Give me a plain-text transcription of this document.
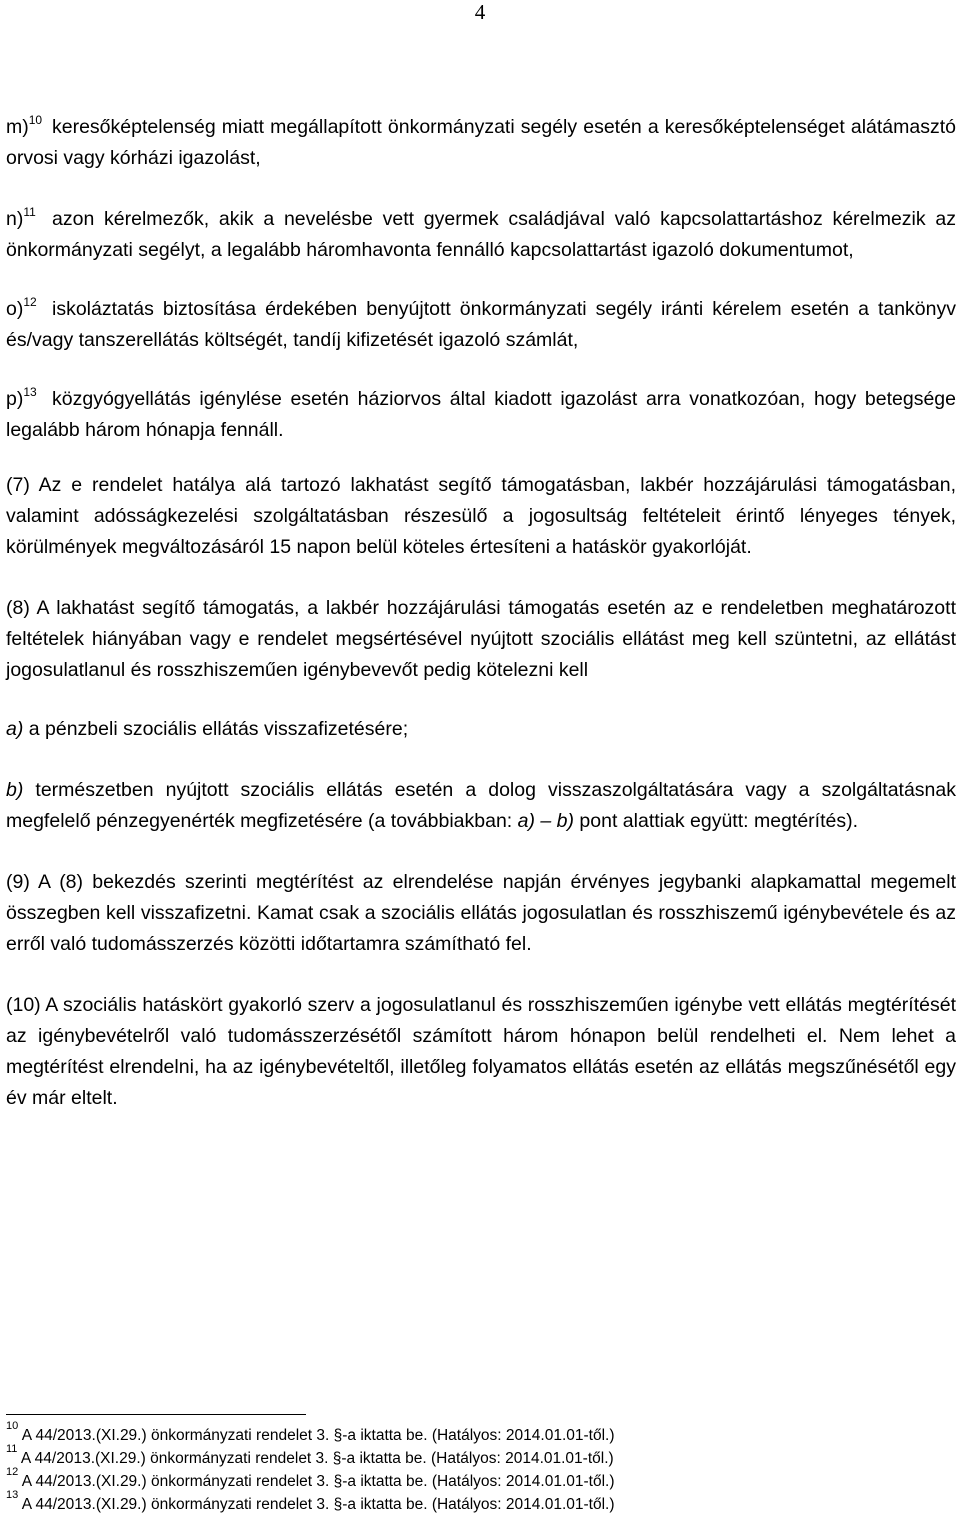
4

m)$^{10}$ keresőképtelenség miatt megállapított önkormányzati segély esetén a keresőképtelenséget alátámasztó orvosi vagy kórházi igazolást,

n)$^{11}$ azon kérelmezők, akik a nevelésbe vett gyermek családjával való kapcsolattartáshoz kérelmezik az önkormányzati segélyt, a legalább háromhavonta fennálló kapcsolattartást igazoló dokumentumot,

o)$^{12}$ iskoláztatás biztosítása érdekében benyújtott önkormányzati segély iránti kérelem esetén a tankönyv és/vagy tanszerellátás költségét, tandíj kifizetését igazoló számlát,

p)$^{13}$ közgyógyellátás igénylése esetén háziorvos által kiadott igazolást arra vonatkozóan, hogy betegsége legalább három hónapja fennáll.

(7) Az e rendelet hatálya alá tartozó lakhatást segítő támogatásban, lakbér hozzájárulási támogatásban, valamint adósságkezelési szolgáltatásban részesülő a jogosultság feltételeit érintő lényeges tények, körülmények megváltozásáról 15 napon belül köteles értesíteni a hatáskör gyakorlóját.

(8) A lakhatást segítő támogatás, a lakbér hozzájárulási támogatás esetén az e rendeletben meghatározott feltételek hiányában vagy e rendelet megsértésével nyújtott szociális ellátást meg kell szüntetni, az ellátást jogosulatlanul és rosszhiszeműen igénybevevőt pedig kötelezni kell

a) a pénzbeli szociális ellátás visszafizetésére;

b) természetben nyújtott szociális ellátás esetén a dolog visszaszolgáltatására vagy a szolgáltatásnak megfelelő pénzegyenérték megfizetésére (a továbbiakban: a) – b) pont alattiak együtt: megtérítés).

(9) A (8) bekezdés szerinti megtérítést az elrendelése napján érvényes jegybanki alapkamattal megemelt összegben kell visszafizetni. Kamat csak a szociális ellátás jogosulatlan és rosszhiszemű igénybevétele és az erről való tudomásszerzés közötti időtartamra számítható fel.

(10) A szociális hatáskört gyakorló szerv a jogosulatlanul és rosszhiszeműen igénybe vett ellátás megtérítését az igénybevételről való tudomásszerzésétől számított három hónapon belül rendelheti el. Nem lehet a megtérítést elrendelni, ha az igénybevételtől, illetőleg folyamatos ellátás esetén az ellátás megszűnésétől egy év már eltelt.

$^{10}$ A 44/2013.(XI.29.) önkormányzati rendelet 3. §-a iktatta be. (Hatályos: 2014.01.01-től.)
$^{11}$ A 44/2013.(XI.29.) önkormányzati rendelet 3. §-a iktatta be. (Hatályos: 2014.01.01-től.)
$^{12}$ A 44/2013.(XI.29.) önkormányzati rendelet 3. §-a iktatta be. (Hatályos: 2014.01.01-től.)
$^{13}$ A 44/2013.(XI.29.) önkormányzati rendelet 3. §-a iktatta be. (Hatályos: 2014.01.01-től.)
